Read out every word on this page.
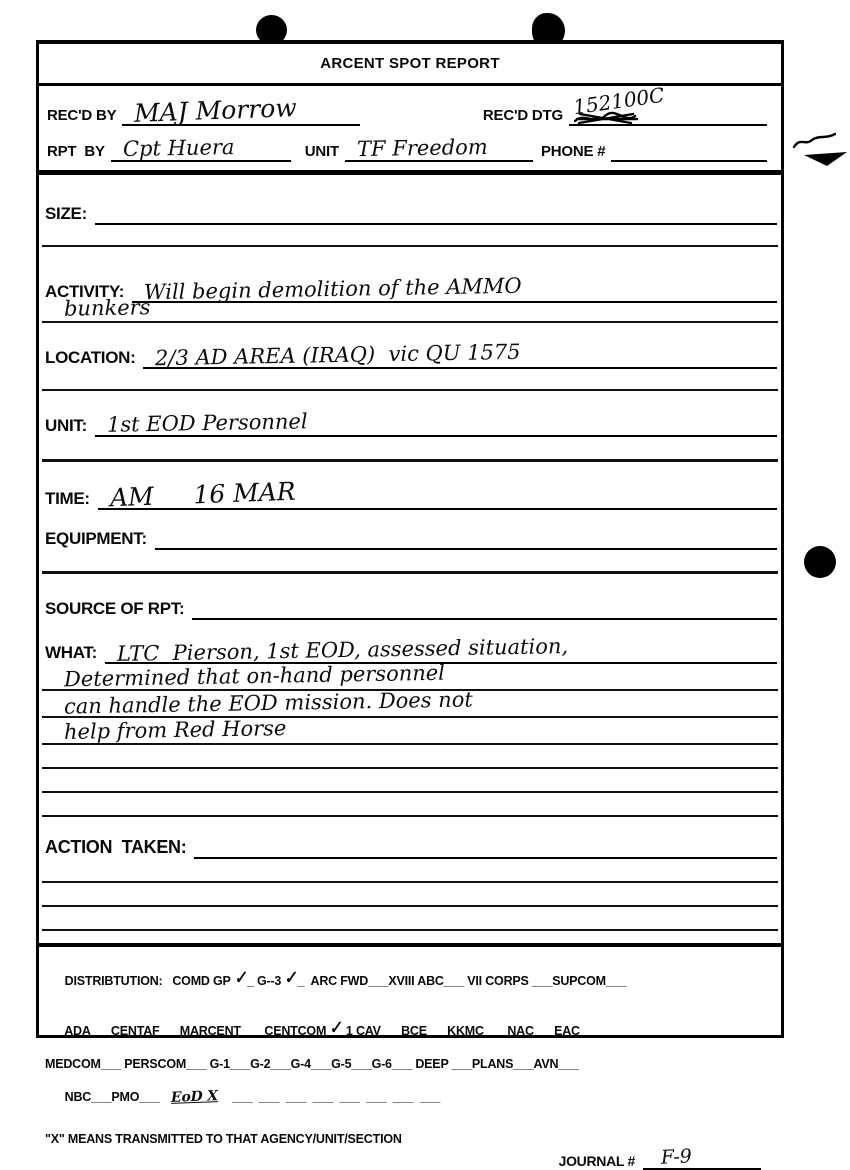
ARCENT SPOT REPORT
REC'D BY MAJ Morrow	REC'D DTG 152100C
RPT  BY Cpt Huera	UNIT TF Freedom	PHONE #
SIZE:
ACTIVITY: Will begin demolition of the AMMO
bunkers
LOCATION: 2/3 AD AREA (IRAQ)  vic QU 1575
UNIT: 1st EOD Personnel
TIME: AM     16 MAR
EQUIPMENT:
SOURCE OF RPT:
WHAT: LTC  Pierson, 1st EOD, assessed situation,
Determined that on-hand personnel
can handle the EOD mission. Does not
help from Red Horse
ACTION  TAKEN:

DISTRIBTUTION:   COMD GP ✓_ G--3 ✓_  ARC FWD___XVIII ABC___ VII CORPS ___SUPCOM___

ADA___CENTAF___MARCENT___ CENTCOM ✓ 1 CAV___BCE___KKMC___ NAC___EAC___

MEDCOM___ PERSCOM___ G-1___G-2___G-4___G-5___G-6___ DEEP ___PLANS___AVN___

NBC___PMO___ EoD X  ___  ___  ___  ___  ___  ___  ___  ___

"X" MEANS TRANSMITTED TO THAT AGENCY/UNIT/SECTION
JOURNAL # F-9
